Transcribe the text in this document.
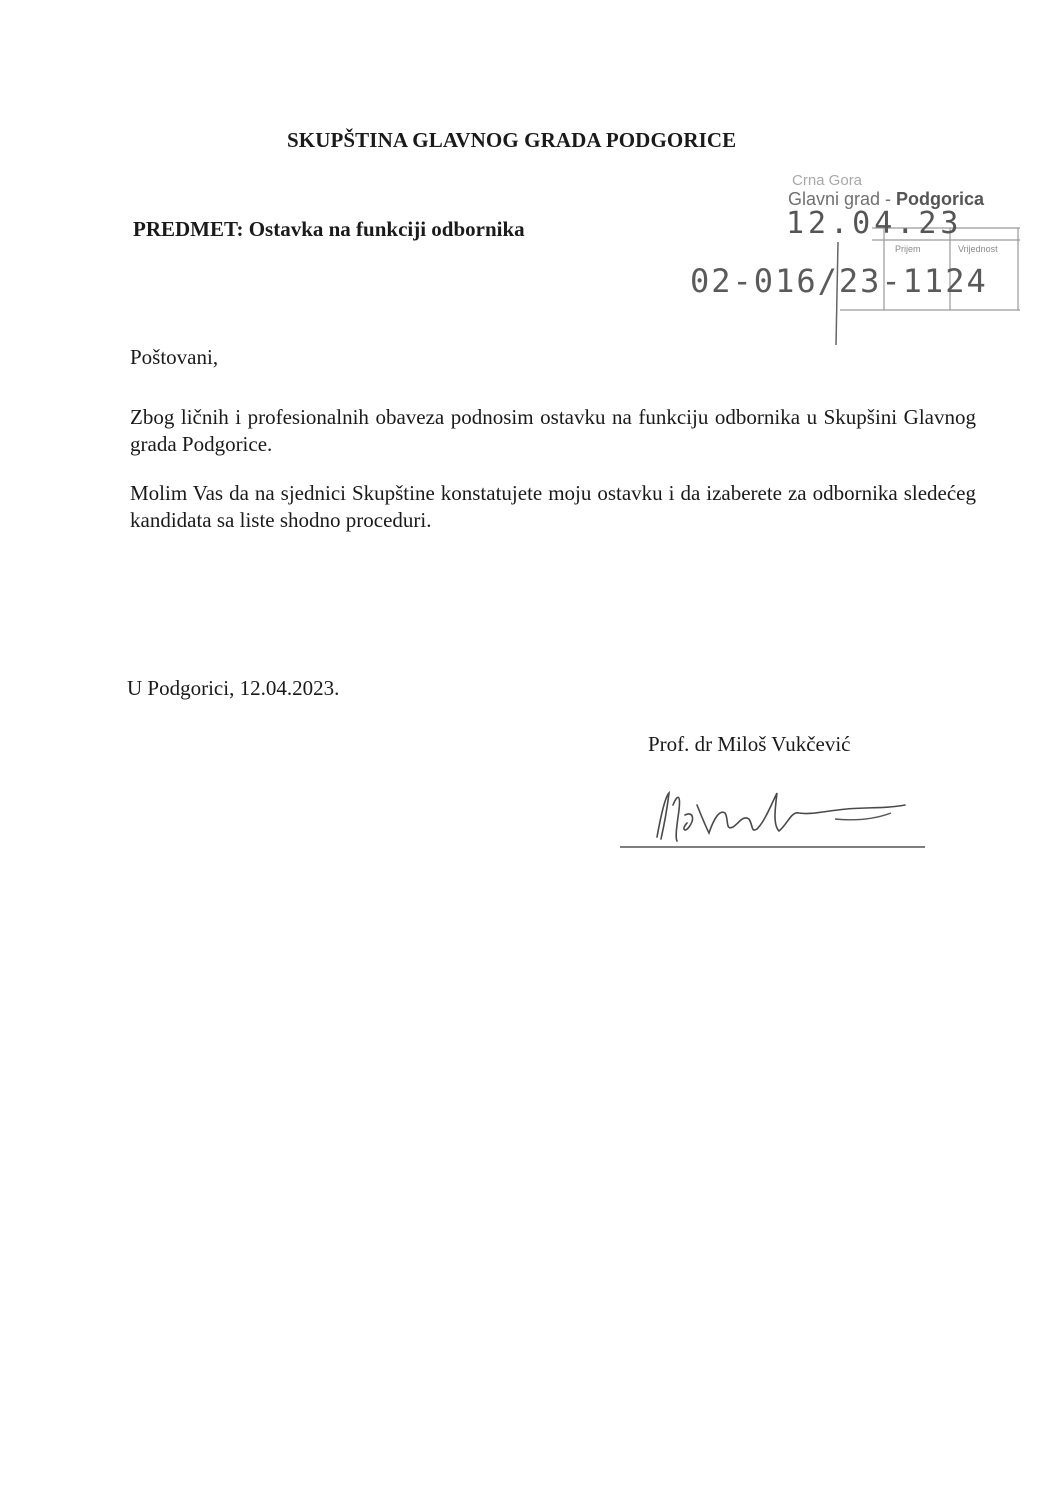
SKUPŠTINA GLAVNOG GRADA PODGORICE
PREDMET: Ostavka na funkciji odbornika
Crna Gora
Glavni grad - Podgorica
12.04.23
Prijem	Vrijednost
02-016/23-1124
Poštovani,
Zbog ličnih i profesionalnih obaveza podnosim ostavku na funkciju odbornika u Skupšini Glavnog grada Podgorice.
Molim Vas da na sjednici Skupštine konstatujete moju ostavku i da izaberete za odbornika sledećeg kandidata sa liste shodno proceduri.
U Podgorici, 12.04.2023.
Prof. dr Miloš Vukčević
